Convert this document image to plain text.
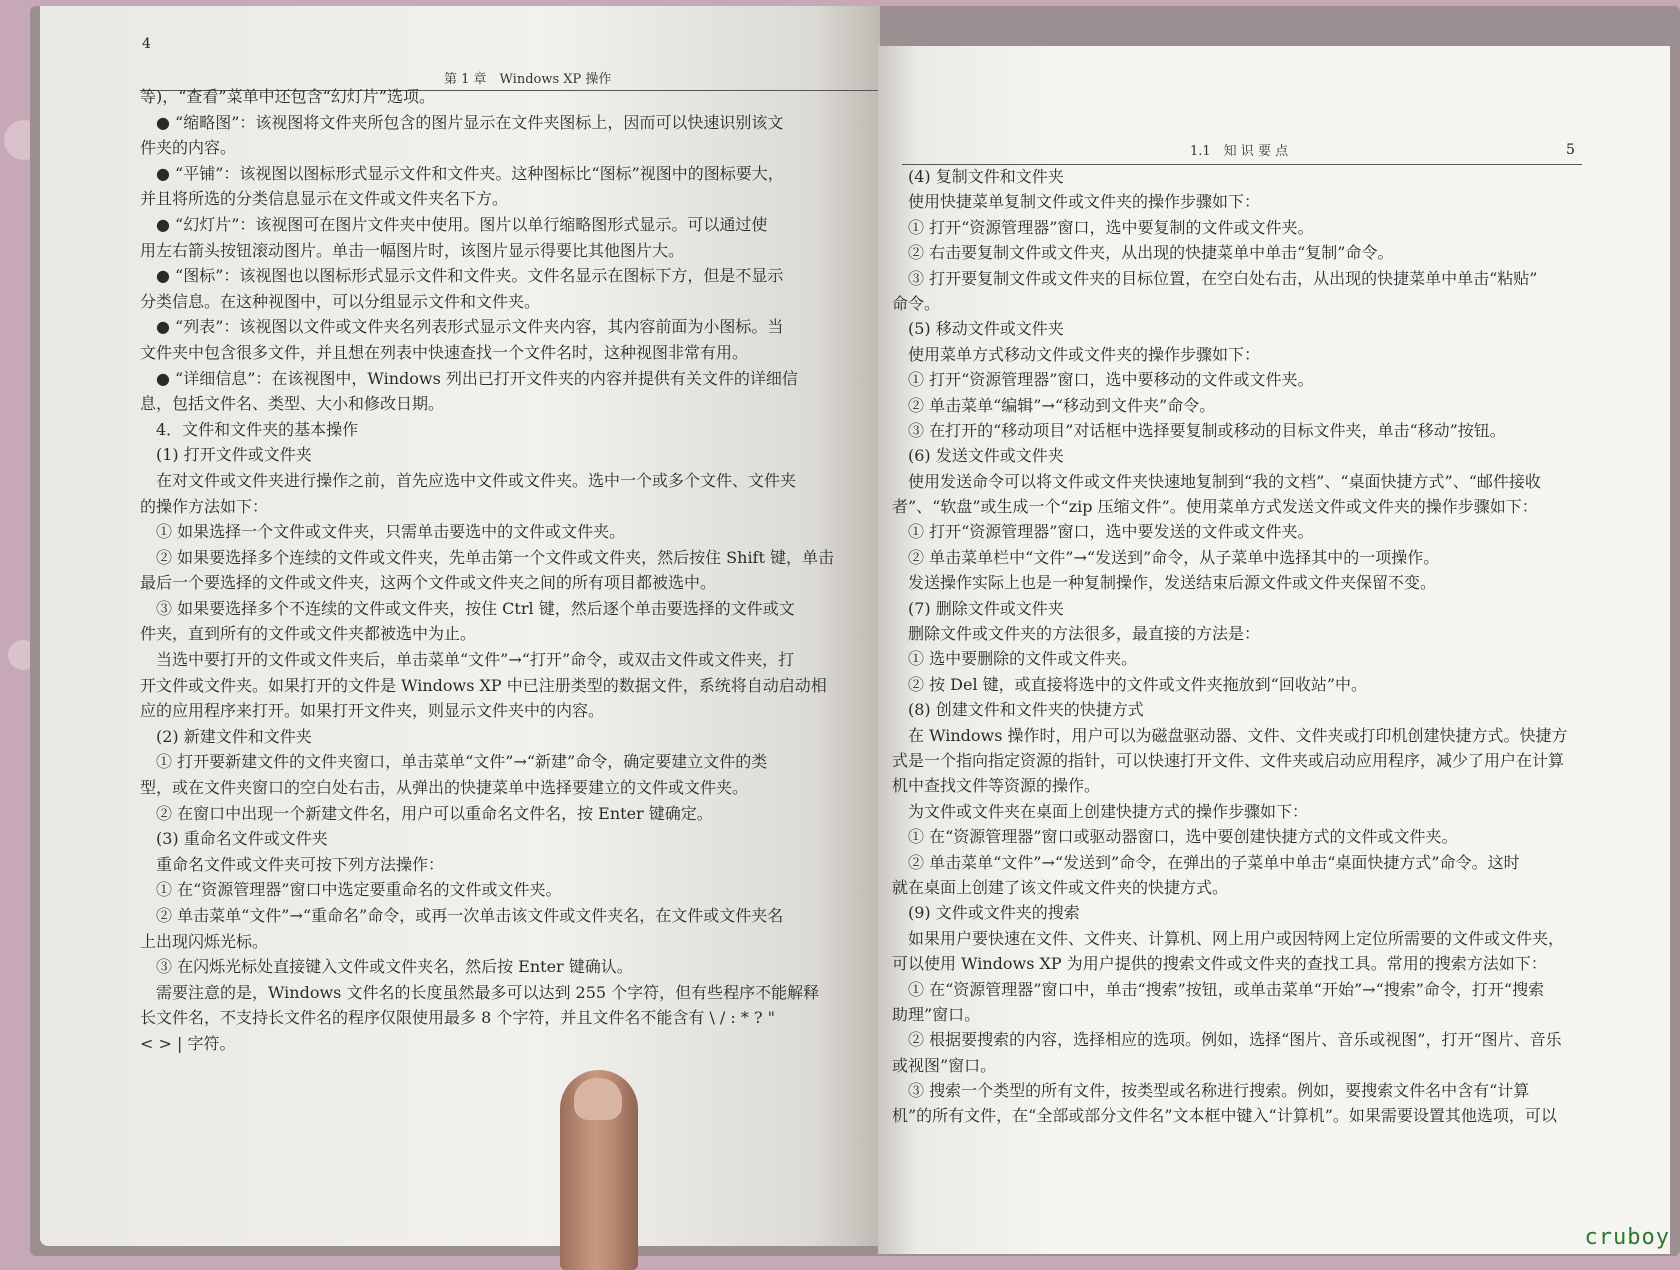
4
第 1 章　Windows XP 操作
等)，“查看”菜单中还包含“幻灯片”选项。
　● “缩略图”：该视图将文件夹所包含的图片显示在文件夹图标上，因而可以快速识别该文
件夹的内容。
　● “平铺”：该视图以图标形式显示文件和文件夹。这种图标比“图标”视图中的图标要大，
并且将所选的分类信息显示在文件或文件夹名下方。
　● “幻灯片”：该视图可在图片文件夹中使用。图片以单行缩略图形式显示。可以通过使
用左右箭头按钮滚动图片。单击一幅图片时，该图片显示得要比其他图片大。
　● “图标”：该视图也以图标形式显示文件和文件夹。文件名显示在图标下方，但是不显示
分类信息。在这种视图中，可以分组显示文件和文件夹。
　● “列表”：该视图以文件或文件夹名列表形式显示文件夹内容，其内容前面为小图标。当
文件夹中包含很多文件，并且想在列表中快速查找一个文件名时，这种视图非常有用。
　● “详细信息”：在该视图中，Windows 列出已打开文件夹的内容并提供有关文件的详细信
息，包括文件名、类型、大小和修改日期。
　4．文件和文件夹的基本操作
　(1) 打开文件或文件夹
　在对文件或文件夹进行操作之前，首先应选中文件或文件夹。选中一个或多个文件、文件夹
的操作方法如下：
　① 如果选择一个文件或文件夹，只需单击要选中的文件或文件夹。
　② 如果要选择多个连续的文件或文件夹，先单击第一个文件或文件夹，然后按住 Shift 键，单击
最后一个要选择的文件或文件夹，这两个文件或文件夹之间的所有项目都被选中。
　③ 如果要选择多个不连续的文件或文件夹，按住 Ctrl 键，然后逐个单击要选择的文件或文
件夹，直到所有的文件或文件夹都被选中为止。
　当选中要打开的文件或文件夹后，单击菜单“文件”→“打开”命令，或双击文件或文件夹，打
开文件或文件夹。如果打开的文件是 Windows XP 中已注册类型的数据文件，系统将自动启动相
应的应用程序来打开。如果打开文件夹，则显示文件夹中的内容。
　(2) 新建文件和文件夹
　① 打开要新建文件的文件夹窗口，单击菜单“文件”→“新建”命令，确定要建立文件的类
型，或在文件夹窗口的空白处右击，从弹出的快捷菜单中选择要建立的文件或文件夹。
　② 在窗口中出现一个新建文件名，用户可以重命名文件名，按 Enter 键确定。
　(3) 重命名文件或文件夹
　重命名文件或文件夹可按下列方法操作：
　① 在“资源管理器”窗口中选定要重命名的文件或文件夹。
　② 单击菜单“文件”→“重命名”命令，或再一次单击该文件或文件夹名，在文件或文件夹名
上出现闪烁光标。
　③ 在闪烁光标处直接键入文件或文件夹名，然后按 Enter 键确认。
　需要注意的是，Windows 文件名的长度虽然最多可以达到 255 个字符，但有些程序不能解释
长文件名，不支持长文件名的程序仅限使用最多 8 个字符，并且文件名不能含有 \ / : * ? "
< > | 字符。
1.1　知 识 要 点	5
　(4) 复制文件和文件夹
　使用快捷菜单复制文件或文件夹的操作步骤如下：
　① 打开“资源管理器”窗口，选中要复制的文件或文件夹。
　② 右击要复制文件或文件夹，从出现的快捷菜单中单击“复制”命令。
　③ 打开要复制文件或文件夹的目标位置，在空白处右击，从出现的快捷菜单中单击“粘贴”
命令。
　(5) 移动文件或文件夹
　使用菜单方式移动文件或文件夹的操作步骤如下：
　① 打开“资源管理器”窗口，选中要移动的文件或文件夹。
　② 单击菜单“编辑”→“移动到文件夹”命令。
　③ 在打开的“移动项目”对话框中选择要复制或移动的目标文件夹，单击“移动”按钮。
　(6) 发送文件或文件夹
　使用发送命令可以将文件或文件夹快速地复制到“我的文档”、“桌面快捷方式”、“邮件接收
者”、“软盘”或生成一个“zip 压缩文件”。使用菜单方式发送文件或文件夹的操作步骤如下：
　① 打开“资源管理器”窗口，选中要发送的文件或文件夹。
　② 单击菜单栏中“文件”→“发送到”命令，从子菜单中选择其中的一项操作。
　发送操作实际上也是一种复制操作，发送结束后源文件或文件夹保留不变。
　(7) 删除文件或文件夹
　删除文件或文件夹的方法很多，最直接的方法是：
　① 选中要删除的文件或文件夹。
　② 按 Del 键，或直接将选中的文件或文件夹拖放到“回收站”中。
　(8) 创建文件和文件夹的快捷方式
　在 Windows 操作时，用户可以为磁盘驱动器、文件、文件夹或打印机创建快捷方式。快捷方
式是一个指向指定资源的指针，可以快速打开文件、文件夹或启动应用程序，减少了用户在计算
机中查找文件等资源的操作。
　为文件或文件夹在桌面上创建快捷方式的操作步骤如下：
　① 在“资源管理器”窗口或驱动器窗口，选中要创建快捷方式的文件或文件夹。
　② 单击菜单“文件”→“发送到”命令，在弹出的子菜单中单击“桌面快捷方式”命令。这时
就在桌面上创建了该文件或文件夹的快捷方式。
　(9) 文件或文件夹的搜索
　如果用户要快速在文件、文件夹、计算机、网上用户或因特网上定位所需要的文件或文件夹，
可以使用 Windows XP 为用户提供的搜索文件或文件夹的查找工具。常用的搜索方法如下：
　① 在“资源管理器”窗口中，单击“搜索”按钮，或单击菜单“开始”→“搜索”命令，打开“搜索
助理”窗口。
　② 根据要搜索的内容，选择相应的选项。例如，选择“图片、音乐或视图”，打开“图片、音乐
或视图”窗口。
　③ 搜索一个类型的所有文件，按类型或名称进行搜索。例如，要搜索文件名中含有“计算
机”的所有文件，在“全部或部分文件名”文本框中键入“计算机”。如果需要设置其他选项，可以
cruboy
